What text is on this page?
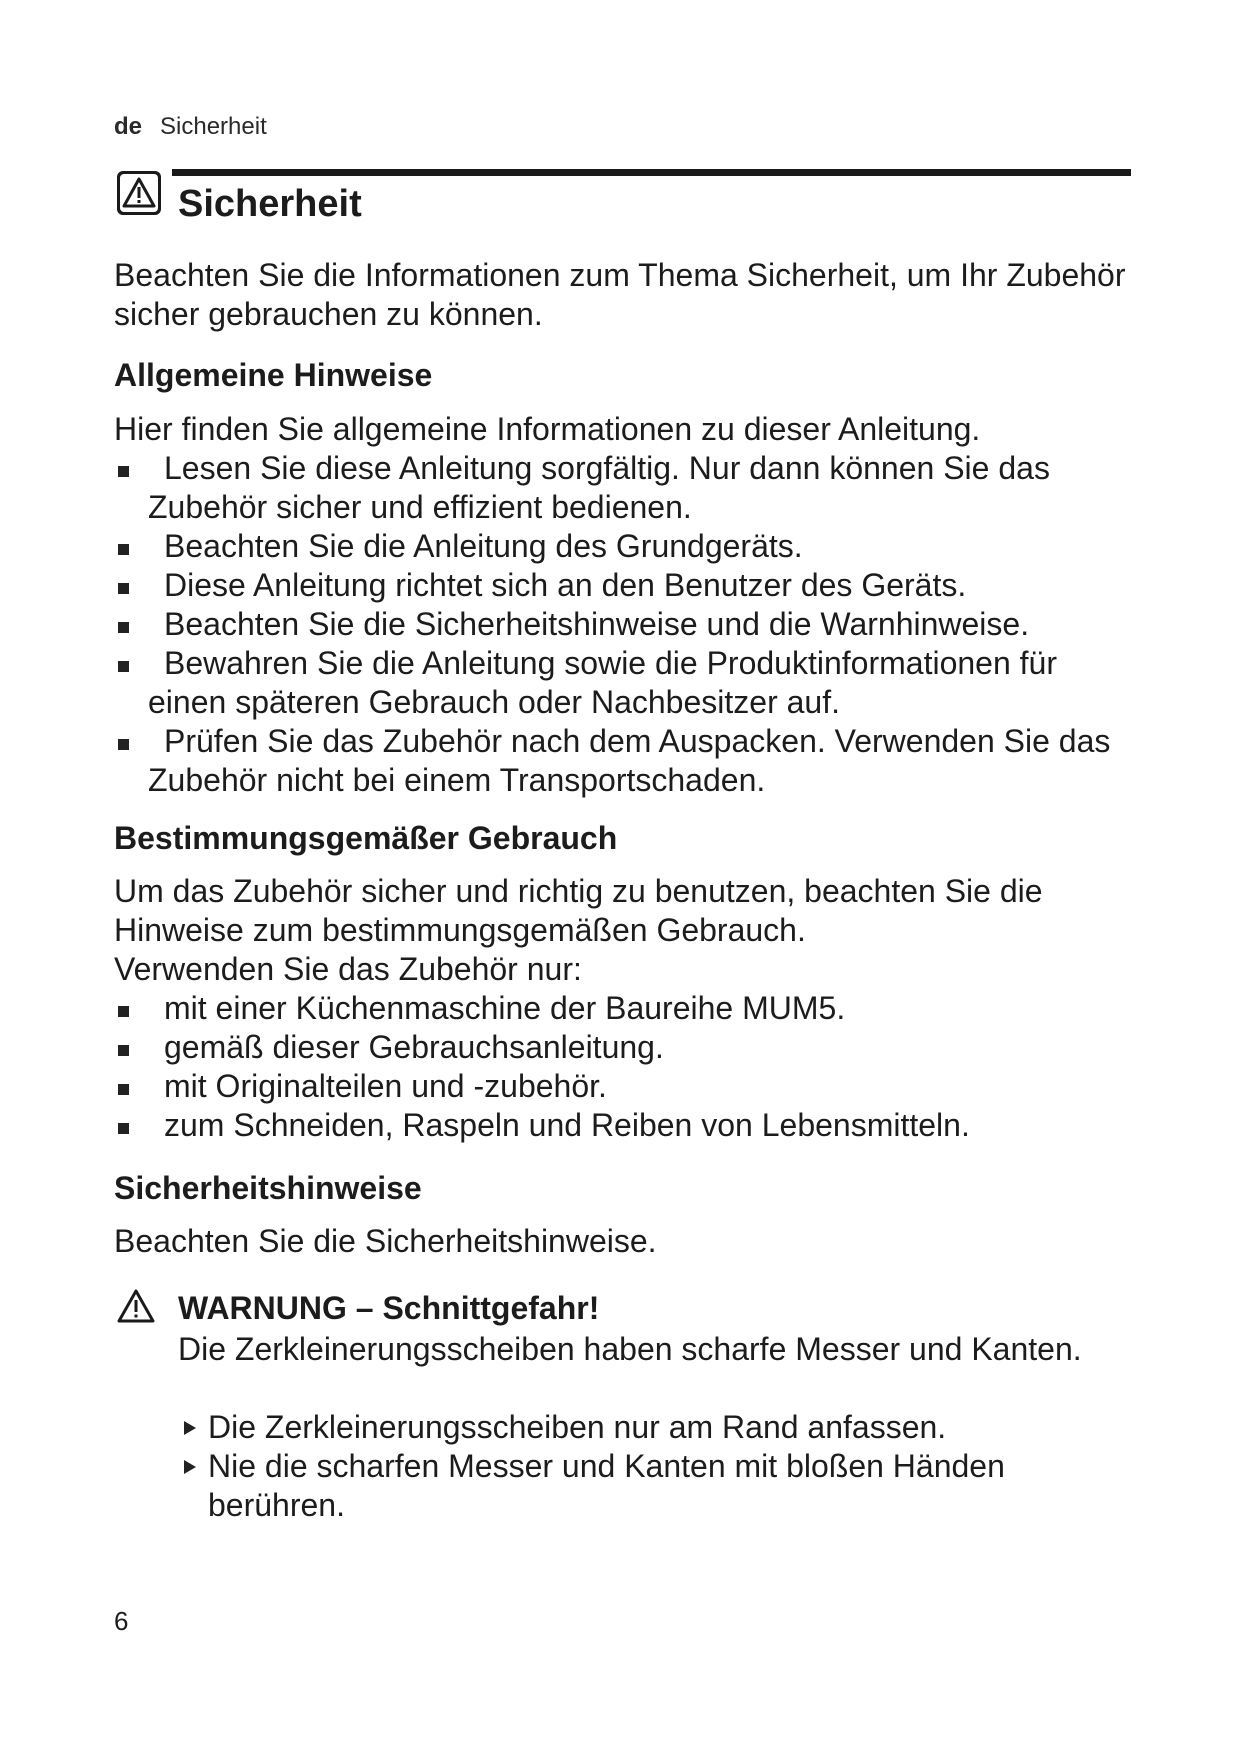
de Sicherheit
Sicherheit

Beachten Sie die Informationen zum Thema Sicherheit, um Ihr Zubehör sicher gebrauchen zu können.

Allgemeine Hinweise

Hier finden Sie allgemeine Informationen zu dieser Anleitung.

Lesen Sie diese Anleitung sorgfältig. Nur dann können Sie das Zubehör sicher und effizient bedienen.
Beachten Sie die Anleitung des Grundgeräts.
Diese Anleitung richtet sich an den Benutzer des Geräts.
Beachten Sie die Sicherheitshinweise und die Warnhinweise.
Bewahren Sie die Anleitung sowie die Produktinformationen für einen späteren Gebrauch oder Nachbesitzer auf.
Prüfen Sie das Zubehör nach dem Auspacken. Verwenden Sie das Zubehör nicht bei einem Transportschaden.
Bestimmungsgemäßer Gebrauch

Um das Zubehör sicher und richtig zu benutzen, beachten Sie die Hinweise zum bestimmungsgemäßen Gebrauch.

Verwenden Sie das Zubehör nur:

mit einer Küchenmaschine der Baureihe MUM5.
gemäß dieser Gebrauchsanleitung.
mit Originalteilen und -zubehör.
zum Schneiden, Raspeln und Reiben von Lebensmitteln.
Sicherheitshinweise

Beachten Sie die Sicherheitshinweise.

WARNUNG – Schnittgefahr!

Die Zerkleinerungsscheiben haben scharfe Messer und Kanten.

Die Zerkleinerungsscheiben nur am Rand anfassen.
Nie die scharfen Messer und Kanten mit bloßen Händen berühren.
6
